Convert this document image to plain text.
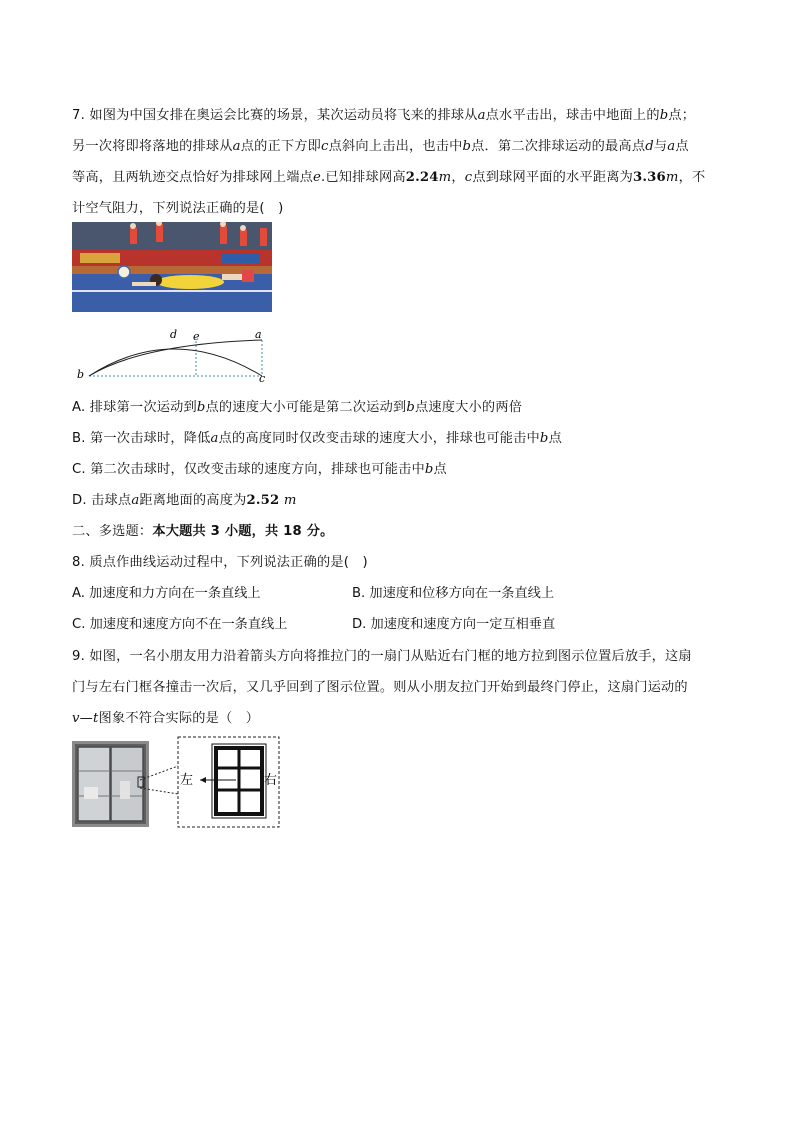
7. 如图为中国女排在奥运会比赛的场景，某次运动员将飞来的排球从a点水平击出，球击中地面上的b点；
另一次将即将落地的排球从a点的正下方即c点斜向上击出，也击中b点．第二次排球运动的最高点d与a点
等高，且两轨迹交点恰好为排球网上端点e.已知排球网高2.24m，c点到球网平面的水平距离为3.36m，不
计空气阻力，下列说法正确的是(　)
b
d e	a
c
A. 排球第一次运动到b点的速度大小可能是第二次运动到b点速度大小的两倍
B. 第一次击球时，降低a点的高度同时仅改变击球的速度大小，排球也可能击中b点
C. 第二次击球时，仅改变击球的速度方向，排球也可能击中b点
D. 击球点a距离地面的高度为2.52 m
二、多选题：本大题共 3 小题，共 18 分。
8. 质点作曲线运动过程中，下列说法正确的是(　)
A. 加速度和力方向在一条直线上	B. 加速度和位移方向在一条直线上
C. 加速度和速度方向不在一条直线上	D. 加速度和速度方向一定互相垂直
9. 如图，一名小朋友用力沿着箭头方向将推拉门的一扇门从贴近右门框的地方拉到图示位置后放手，这扇
门与左右门框各撞击一次后，又几乎回到了图示位置。则从小朋友拉门开始到最终门停止，这扇门运动的
v—t图象不符合实际的是（　）
左	右
